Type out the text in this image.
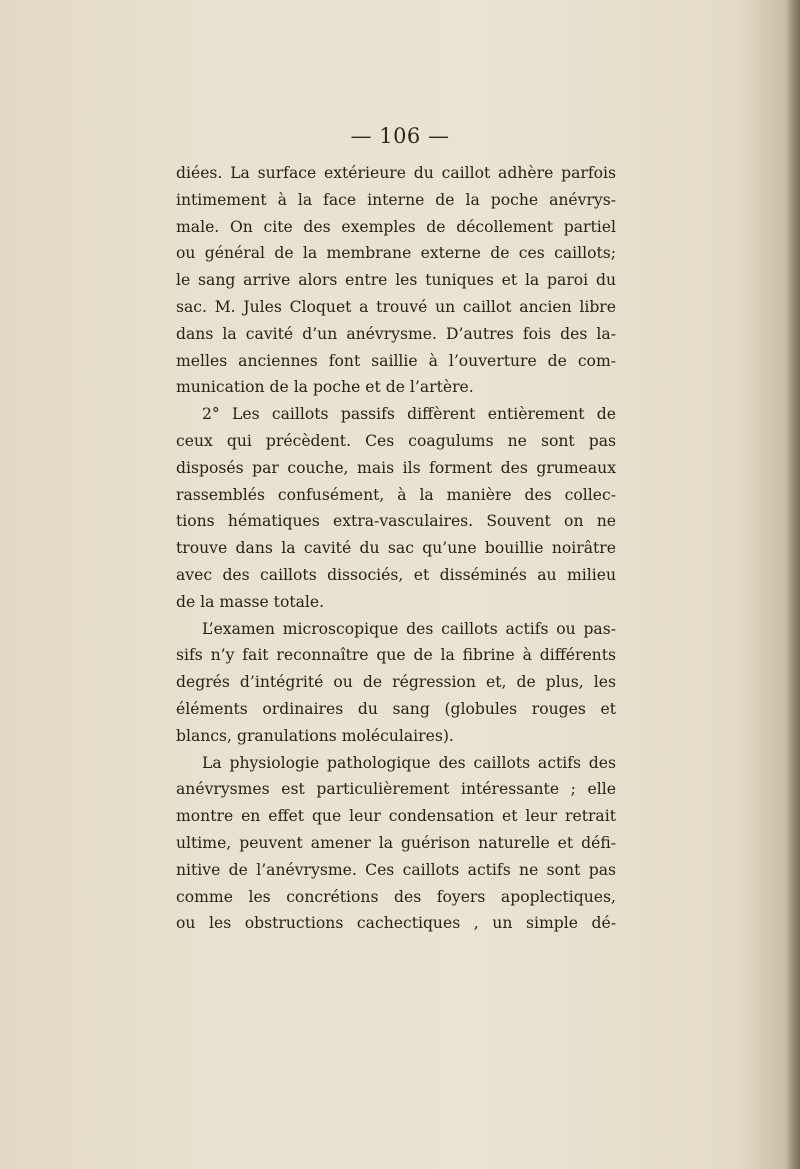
— 106 —
diées. La surface extérieure du caillot adhère parfois
intimement à la face interne de la poche anévrys-
male. On cite des exemples de décollement partiel
ou général de la membrane externe de ces caillots;
le sang arrive alors entre les tuniques et la paroi du
sac. M. Jules Cloquet a trouvé un caillot ancien libre
dans la cavité d’un anévrysme. D’autres fois des la-
melles anciennes font saillie à l’ouverture de com-
munication de la poche et de l’artère.
2° Les caillots passifs diffèrent entièrement de
ceux qui précèdent. Ces coagulums ne sont pas
disposés par couche, mais ils forment des grumeaux
rassemblés confusément, à la manière des collec-
tions hématiques extra-vasculaires. Souvent on ne
trouve dans la cavité du sac qu’une bouillie noirâtre
avec des caillots dissociés, et disséminés au milieu
de la masse totale.
L’examen microscopique des caillots actifs ou pas-
sifs n’y fait reconnaître que de la fibrine à différents
degrés d’intégrité ou de régression et, de plus, les
éléments ordinaires du sang (globules rouges et
blancs, granulations moléculaires).
La physiologie pathologique des caillots actifs des
anévrysmes est particulièrement intéressante ; elle
montre en effet que leur condensation et leur retrait
ultime, peuvent amener la guérison naturelle et défi-
nitive de l’anévrysme. Ces caillots actifs ne sont pas
comme les concrétions des foyers apoplectiques,
ou les obstructions cachectiques , un simple dé-
